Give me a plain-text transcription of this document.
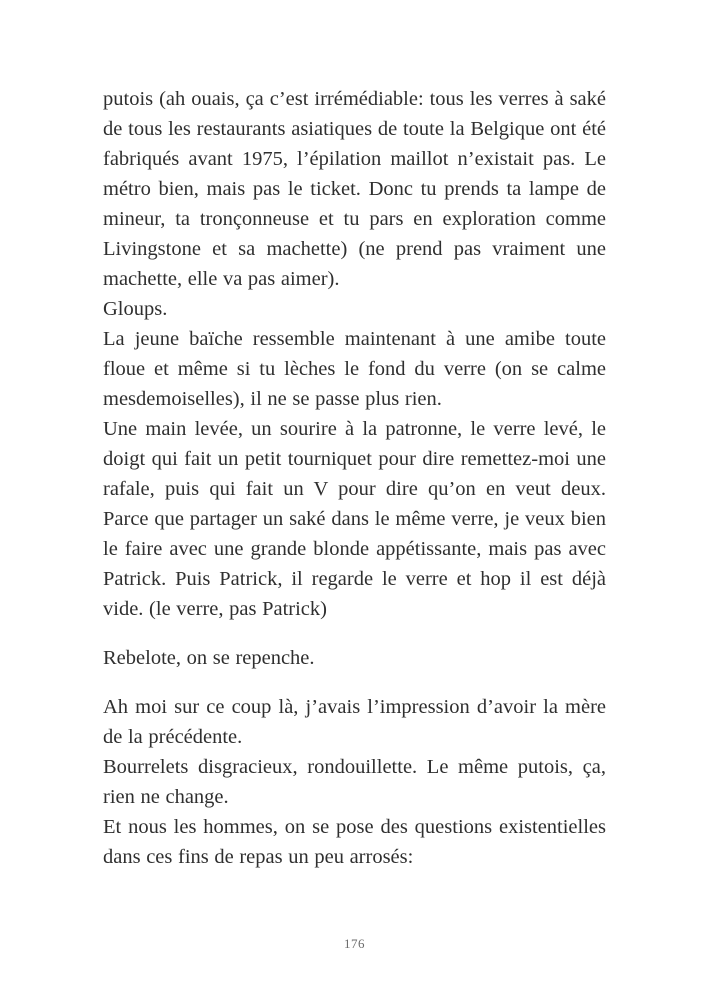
putois (ah ouais, ça c’est irrémédiable: tous les verres à saké de tous les restaurants asiatiques de toute la Belgique ont été fabriqués avant 1975, l’épilation maillot n’existait pas. Le métro bien, mais pas le ticket. Donc tu prends ta lampe de mineur, ta tronçonneuse et tu pars en exploration comme Livingstone et sa machette) (ne prend pas vraiment une machette, elle va pas aimer).

Gloups.

La jeune baïche ressemble maintenant à une amibe toute floue et même si tu lèches le fond du verre (on se calme mesdemoiselles), il ne se passe plus rien.

Une main levée, un sourire à la patronne, le verre levé, le doigt qui fait un petit tourniquet pour dire remettez-moi une rafale, puis qui fait un V pour dire qu’on en veut deux. Parce que partager un saké dans le même verre, je veux bien le faire avec une grande blonde appétissante, mais pas avec Patrick. Puis Patrick, il regarde le verre et hop il est déjà vide. (le verre, pas Patrick)

Rebelote, on se repenche.

Ah moi sur ce coup là, j’avais l’impression d’avoir la mère de la précédente.

Bourrelets disgracieux, rondouillette. Le même putois, ça, rien ne change.

Et nous les hommes, on se pose des questions existentielles dans ces fins de repas un peu arrosés:

176
